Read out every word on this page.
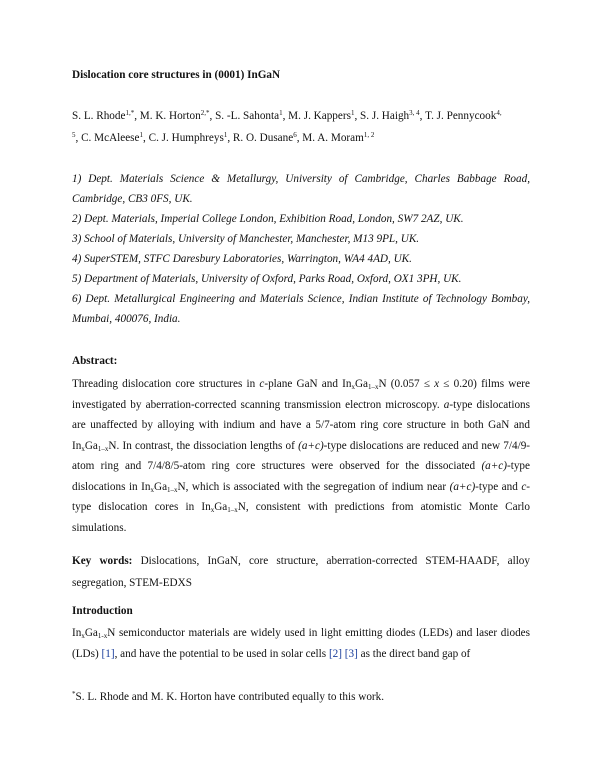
Dislocation core structures in (0001) InGaN
S. L. Rhode$^{1,*}$, M. K. Horton$^{2,*}$, S. -L. Sahonta$^1$, M. J. Kappers$^1$, S. J. Haigh$^{3, 4}$, T. J. Pennycook$^{4,}$
$^5$, C. McAleese$^1$, C. J. Humphreys$^1$, R. O. Dusane$^6$, M. A. Moram$^{1, 2}$
1) Dept. Materials Science & Metallurgy, University of Cambridge, Charles Babbage Road, Cambridge, CB3 0FS, UK.
2) Dept. Materials, Imperial College London, Exhibition Road, London, SW7 2AZ, UK.
3) School of Materials, University of Manchester, Manchester, M13 9PL, UK.
4) SuperSTEM, STFC Daresbury Laboratories, Warrington, WA4 4AD, UK.
5) Department of Materials, University of Oxford, Parks Road, Oxford, OX1 3PH, UK.
6) Dept. Metallurgical Engineering and Materials Science, Indian Institute of Technology Bombay, Mumbai, 400076, India.
Abstract:
Threading dislocation core structures in c-plane GaN and $In_xGa_{1-x}N$ (0.057 ≤ x ≤ 0.20) films were investigated by aberration-corrected scanning transmission electron microscopy. a-type dislocations are unaffected by alloying with indium and have a 5/7-atom ring core structure in both GaN and $In_xGa_{1-x}N$. In contrast, the dissociation lengths of (a+c)-type dislocations are reduced and new 7/4/9-atom ring and 7/4/8/5-atom ring core structures were observed for the dissociated (a+c)-type dislocations in $In_xGa_{1-x}N$, which is associated with the segregation of indium near (a+c)-type and c-type dislocation cores in $In_xGa_{1-x}N$, consistent with predictions from atomistic Monte Carlo simulations.
Key words: Dislocations, InGaN, core structure, aberration-corrected STEM-HAADF, alloy segregation, STEM-EDXS
Introduction
$In_xGa_{1-x}N$ semiconductor materials are widely used in light emitting diodes (LEDs) and laser diodes (LDs) [1], and have the potential to be used in solar cells [2] [3] as the direct band gap of
*S. L. Rhode and M. K. Horton have contributed equally to this work.
